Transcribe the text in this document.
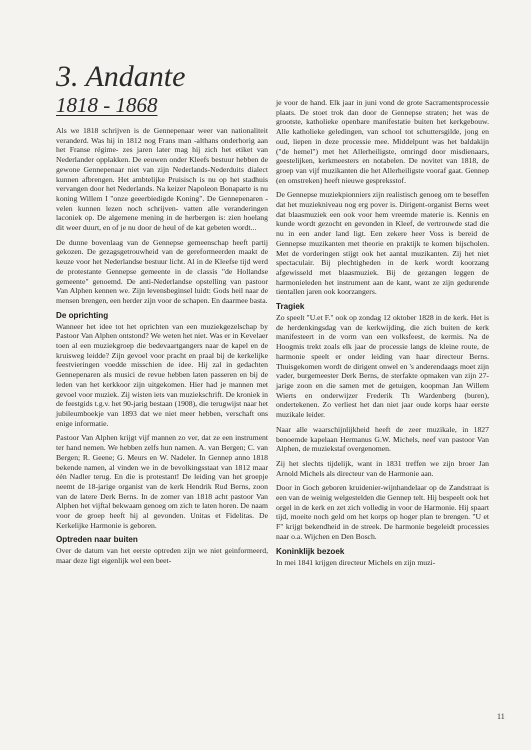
3. Andante
1818 - 1868

Als we 1818 schrijven is de Gennepenaar weer van nationaliteit veranderd. Was hij in 1812 nog Frans man -althans onderhorig aan het Franse régime- zes jaren later mag hij zich het etiket van Nederlander opplakken. De eeuwen onder Kleefs bestuur hebben de gewone Gennepenaar niet van zijn Nederlands-Nederduits dialect kunnen afbrengen. Het ambtelijke Pruisisch is nu op het stadhuis vervangen door het Nederlands. Na keizer Napoleon Bonaparte is nu koning Willem I "onze geeerbiedigde Koning". De Gennepenaren -velen kunnen lezen noch schrijven- vatten alle veranderingen laconiek op. De algemene mening in de herbergen is: zien hoelang dit weer duurt, en of je nu door de heul of de kat gebeten wordt...

De dunne bovenlaag van de Gennepse gemeenschap heeft partij gekozen. De gezagsgetrouwheid van de gereformeerden maakt de keuze voor het Nederlandse bestuur licht. Al in de Kleefse tijd werd de protestante Gennepse gemeente in de classis "de Hollandse gemeente" genoemd. De anti-Nederlandse opstelling van pastoor Van Alphen kennen we. Zijn levensbeginsel luidt: Gods heil naar de mensen brengen, een herder zijn voor de schapen. En daarmee basta.

De oprichting

Wanneer het idee tot het oprichten van een muziekgezelschap by Pastoor Van Alphen ontstond? We weten het niet. Was er in Kevelaer toen al een muziekgroep die bedevaartgangers naar de kapel en de kruisweg leidde? Zijn gevoel voor pracht en praal bij de kerkelijke feestvieringen voedde misschien de idee. Hij zal in gedachten Gennepenaren als musici de revue hebben laten passeren en bij de leden van het kerkkoor zijn uitgekomen. Hier had je mannen met gevoel voor muziek. Zij wisten iets van muziekschrift. De kroniek in de feestgids t.g.v. het 90-jarig bestaan (1908), die terugwijst naar het jubileumboekje van 1893 dat we niet meer hebben, verschaft ons enige informatie.

Pastoor Van Alphen krijgt vijf mannen zo ver, dat ze een instrument ter hand nemen. We hebben zelfs hun namen. A. van Bergen; C. van Bergen; R. Geene; G. Meurs en W. Nadeler. In Gennep anno 1818 bekende namen, al vinden we in de bevolkingsstaat van 1812 maar één Nadler terug. En die is protestant! De leiding van het groepje neemt de 18-jarige organist van de kerk Hendrik Rud Berns, zoon van de latere Derk Berns. In de zomer van 1818 acht pastoor Van Alphen het vijftal bekwaam genoeg om zich te laten horen. De naam voor de groep heeft hij al gevonden. Unitas et Fidelitas. De Kerkelijke Harmonie is geboren.

Optreden naar buiten

Over de datum van het eerste optreden zijn we niet geinformeerd, maar deze ligt eigenlijk wel een beet-

je voor de hand. Elk jaar in juni vond de grote Sacramentsprocessie plaats. De stoet trok dan door de Gennepse straten; het was de grootste, katholieke openbare manifestatie buiten het kerkgebouw. Alle katholieke geledingen, van school tot schuttersgilde, jong en oud, liepen in deze processie mee. Middelpunt was het baldakijn ("de hemel") met het Allerheiligste, omringd door misdienaars, geestelijken, kerkmeesters en notabelen. De novitet van 1818, de groep van vijf muzikanten die het Allerheiligste vooraf gaat. Gennep (en omstreken) heeft nieuwe gespreksstof.

De Gennepse muziekpionniers zijn realistisch genoeg om te beseffen dat het muziekniveau nog erg pover is. Dirigent-organist Berns weet dat blaasmuziek een ook voor hem vreemde materie is. Kennis en kunde wordt gezocht en gevonden in Kleef, de vertrouwde stad die nu in een ander land ligt. Een zekere heer Voss is bereid de Gennepse muzikanten met theorie en praktijk te komen bijscholen. Met de vorderingen stijgt ook het aantal muzikanten. Zij het niet spectaculair. Bij plechtigheden in de kerk wordt koorzang afgewisseld met blaasmuziek. Bij de gezangen leggen de harmonieleden het instrument aan de kant, want ze zijn gedurende tientallen jaren ook koorzangers.

Tragiek

Zo speelt "U.et F." ook op zondag 12 oktober 1828 in de kerk. Het is de herdenkingsdag van de kerkwijding, die zich buiten de kerk manifesteert in de vorm van een volksfeest, de kermis. Na de Hoogmis trekt zoals elk jaar de processie langs de kleine route, de harmonie speelt er onder leiding van haar directeur Berns. Thuisgekomen wordt de dirigent onwel en 's anderendaags moet zijn vader, burgemeester Derk Berns, de sterfakte opmaken van zijn 27-jarige zoon en die samen met de getuigen, koopman Jan Willem Wierts en onderwijzer Frederik Th Wardenberg (buren), ondertekenen. Zo verliest het dan niet jaar oude korps haar eerste muzikale leider.

Naar alle waarschijnlijkheid heeft de zeer muzikale, in 1827 benoemde kapelaan Hermanus G.W. Michels, neef van pastoor Van Alphen, de muziekstaf overgenomen.

Zij het slechts tijdelijk, want in 1831 treffen we zijn broer Jan Arnold Michels als directeur van de Harmonie aan.

Door in Goch geboren kruidenier-wijnhandelaar op de Zandstraat is een van de weinig welgestelden die Gennep telt. Hij bespeelt ook het orgel in de kerk en zet zich volledig in voor de Harmonie. Hij spaart tijd, moeite noch geld om het korps op hoger plan te brengen. "U et F" krijgt bekendheid in de streek. De harmonie begeleidt processies naar o.a. Wijchen en Den Bosch.

Koninklijk bezoek

In mei 1841 krijgen directeur Michels en zijn muzi-

11
